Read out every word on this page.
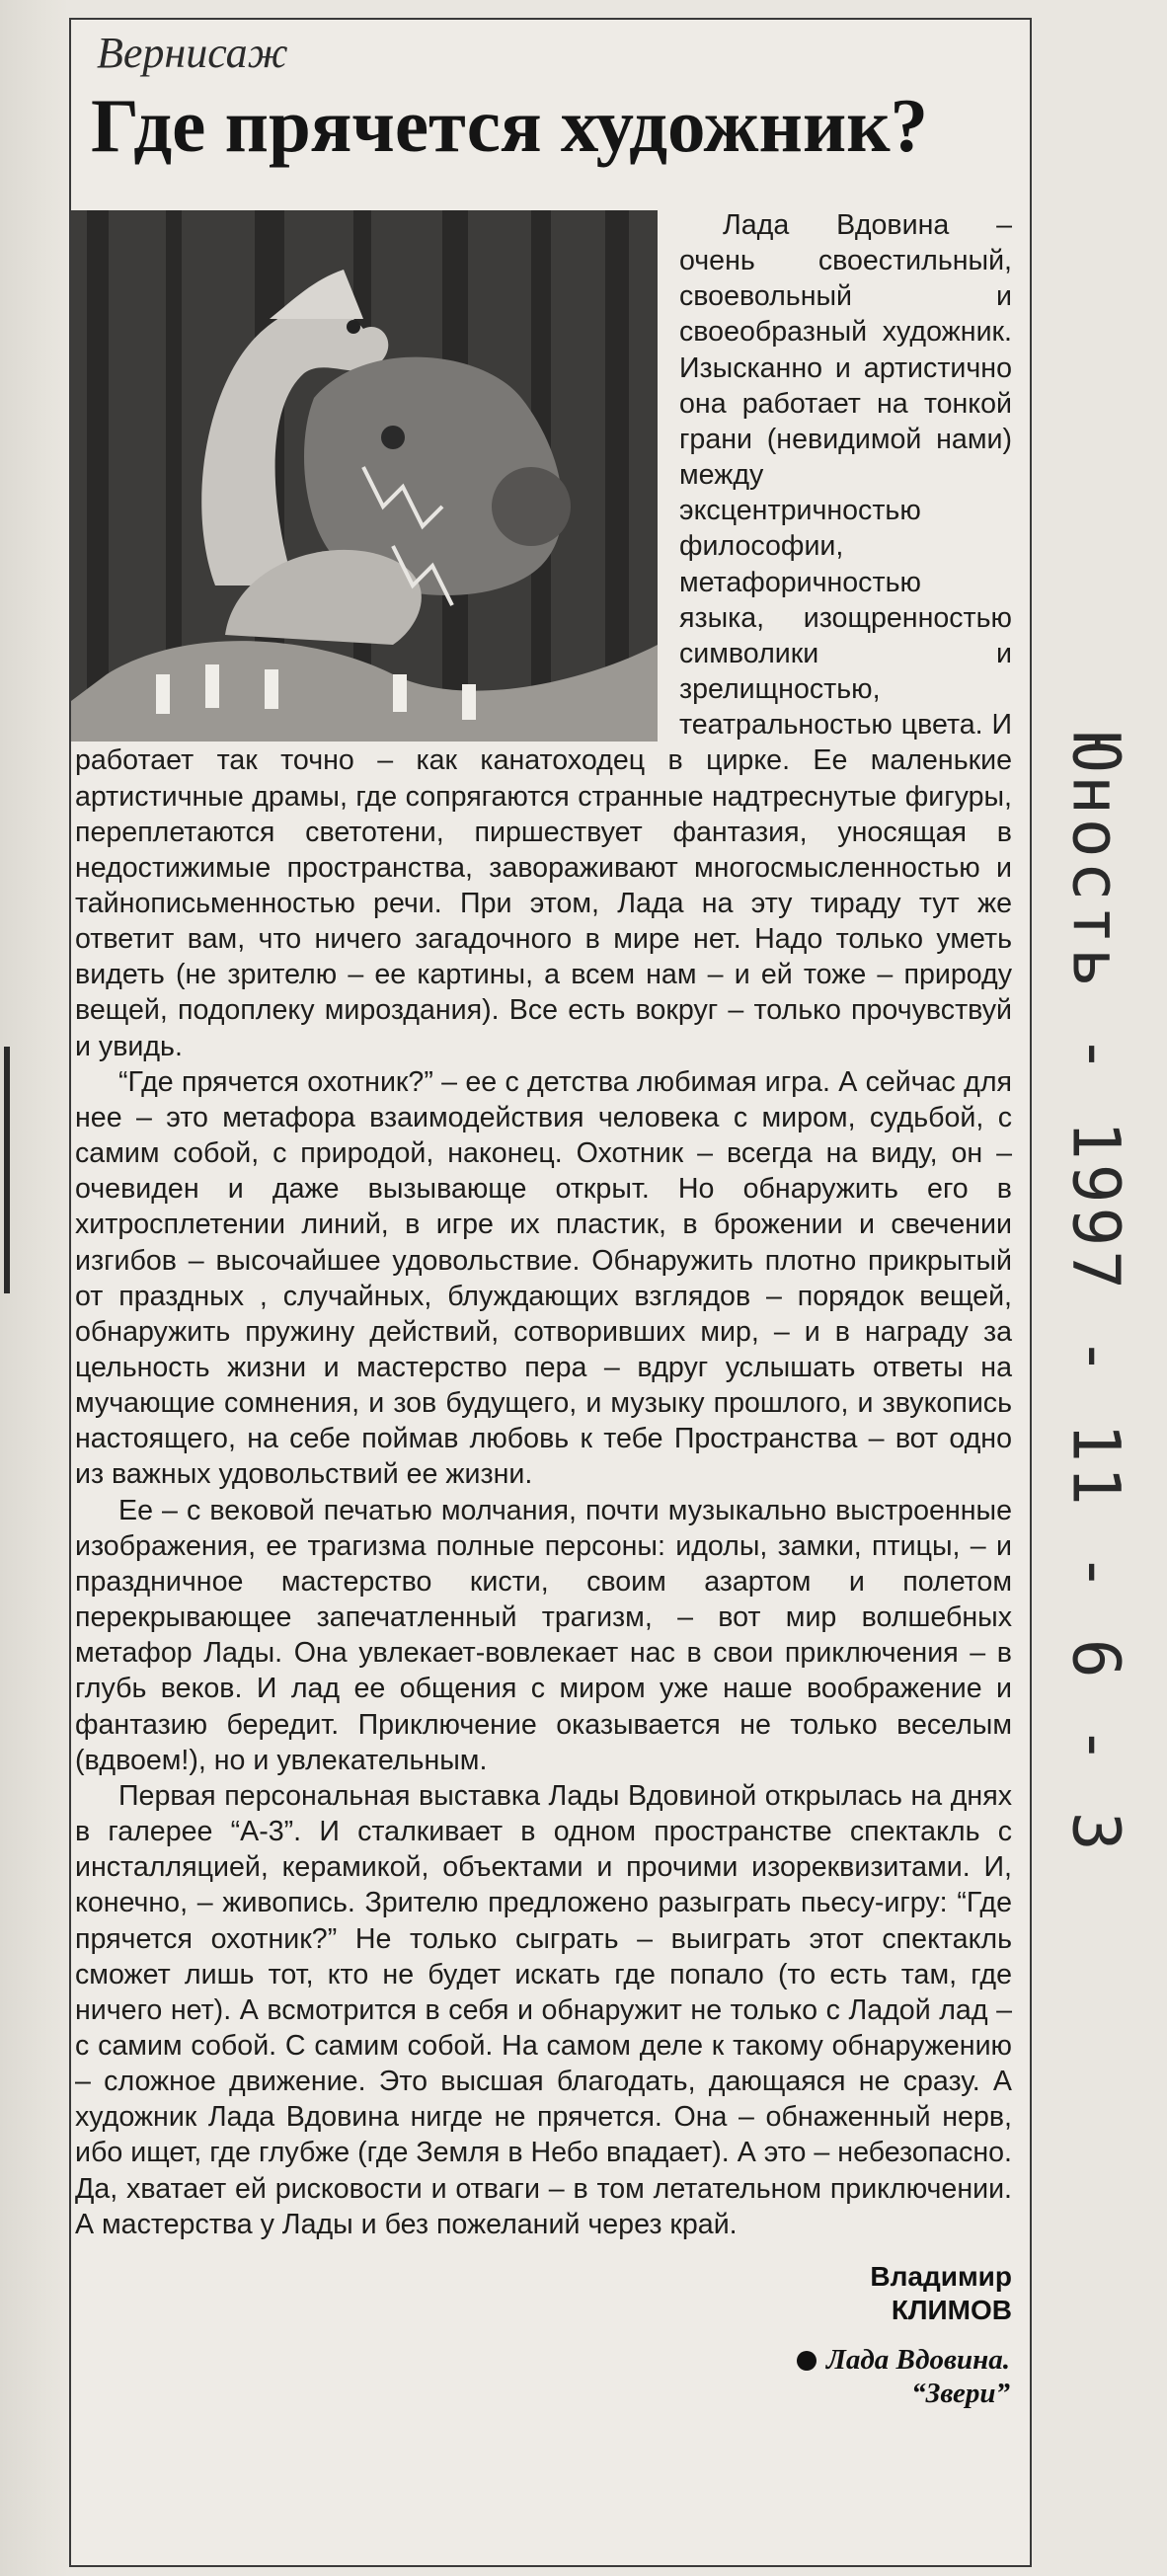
Вернисаж
Где прячется художник?

Лада Вдовина – очень своестильный, своевольный и своеобразный художник. Изысканно и артистично она работает на тонкой грани (невидимой нами) между эксцентричностью философии, метафоричностью языка, изощренностью символики и зрелищностью, театральностью цвета. И работает так точно – как канатоходец в цирке. Ее маленькие артистичные драмы, где сопрягаются странные надтреснутые фигуры, переплетаются светотени, пиршествует фантазия, уносящая в недостижимые пространства, завораживают многосмысленностью и тайнописьменностью речи. При этом, Лада на эту тираду тут же ответит вам, что ничего загадочного в мире нет. Надо только уметь видеть (не зрителю – ее картины, а всем нам – и ей тоже – природу вещей, подоплеку мироздания). Все есть вокруг – только прочувствуй и увидь.

“Где прячется охотник?” – ее с детства любимая игра. А сейчас для нее – это метафора взаимодействия человека с миром, судьбой, с самим собой, с природой, наконец. Охотник – всегда на виду, он – очевиден и даже вызывающе открыт. Но обнаружить его в хитросплетении линий, в игре их пластик, в брожении и свечении изгибов – высочайшее удовольствие. Обнаружить плотно прикрытый от праздных , случайных, блуждающих взглядов – порядок вещей, обнаружить пружину действий, сотворивших мир, – и в награду за цельность жизни и мастерство пера – вдруг услышать ответы на мучающие сомнения, и зов будущего, и музыку прошлого, и звукопись настоящего, на себе поймав любовь к тебе Пространства – вот одно из важных удовольствий ее жизни.

Ее – с вековой печатью молчания, почти музыкально выстроенные изображения, ее трагизма полные персоны: идолы, замки, птицы, – и праздничное мастерство кисти, своим азартом и полетом перекрывающее запечатленный трагизм, – вот мир волшебных метафор Лады. Она увлекает-вовлекает нас в свои приключения – в глубь веков. И лад ее общения с миром уже наше воображение и фантазию бередит. Приключение оказывается не только веселым (вдвоем!), но и увлекательным.

Первая персональная выставка Лады Вдовиной открылась на днях в галерее “А-3”. И сталкивает в одном пространстве спектакль с инсталляцией, керамикой, объектами и прочими изореквизитами. И, конечно, – живопись. Зрителю предложено разыграть пьесу-игру: “Где прячется охотник?” Не только сыграть – выиграть этот спектакль сможет лишь тот, кто не будет искать где попало (то есть там, где ничего нет). А всмотрится в себя и обнаружит не только с Ладой лад – с самим собой. С самим собой. На самом деле к такому обнаружению – сложное движение. Это высшая благодать, дающаяся не сразу. А художник Лада Вдовина нигде не прячется. Она – обнаженный нерв, ибо ищет, где глубже (где Земля в Небо впадает). А это – небезопасно. Да, хватает ей рисковости и отваги – в том летательном приключении. А мастерства у Лады и без пожеланий через край.

Владимир
КЛИМОВ
Лада Вдовина.
“Звери”
Юность - 1997 - 11 - 6 - 3
